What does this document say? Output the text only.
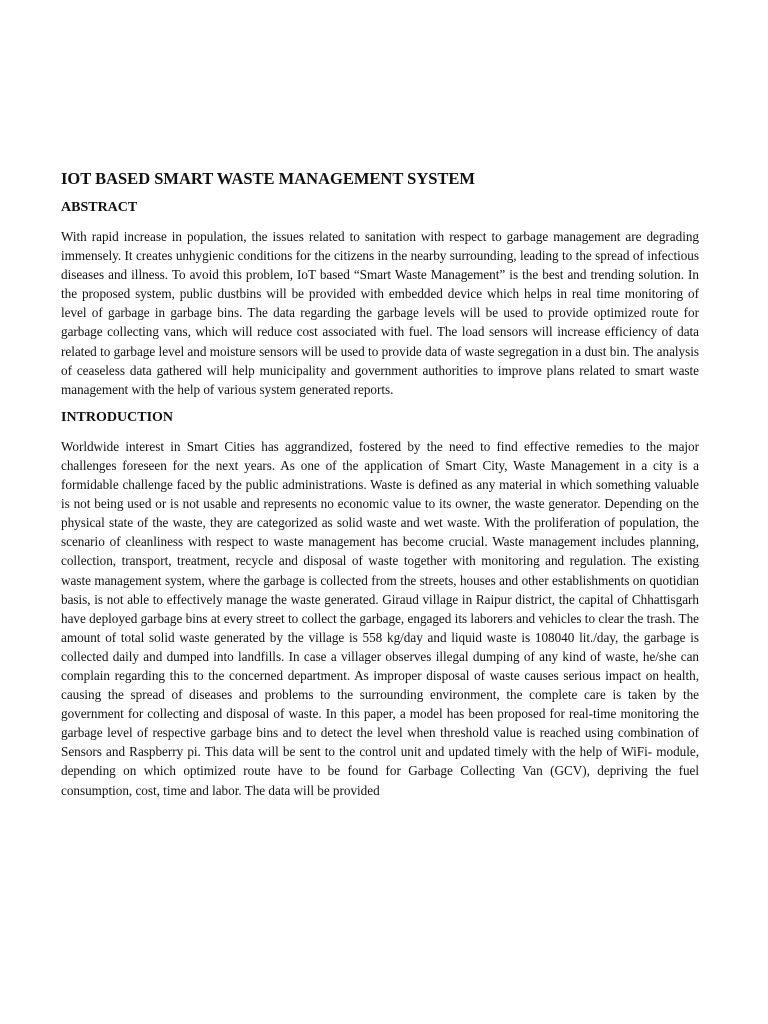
IOT BASED SMART WASTE MANAGEMENT SYSTEM
ABSTRACT

With rapid increase in population, the issues related to sanitation with respect to garbage management are degrading immensely. It creates unhygienic conditions for the citizens in the nearby surrounding, leading to the spread of infectious diseases and illness. To avoid this problem, IoT based “Smart Waste Management” is the best and trending solution. In the proposed system, public dustbins will be provided with embedded device which helps in real time monitoring of level of garbage in garbage bins. The data regarding the garbage levels will be used to provide optimized route for garbage collecting vans, which will reduce cost associated with fuel. The load sensors will increase efficiency of data related to garbage level and moisture sensors will be used to provide data of waste segregation in a dust bin. The analysis of ceaseless data gathered will help municipality and government authorities to improve plans related to smart waste management with the help of various system generated reports.

INTRODUCTION

Worldwide interest in Smart Cities has aggrandized, fostered by the need to find effective remedies to the major challenges foreseen for the next years. As one of the application of Smart City, Waste Management in a city is a formidable challenge faced by the public administrations. Waste is defined as any material in which something valuable is not being used or is not usable and represents no economic value to its owner, the waste generator. Depending on the physical state of the waste, they are categorized as solid waste and wet waste. With the proliferation of population, the scenario of cleanliness with respect to waste management has become crucial. Waste management includes planning, collection, transport, treatment, recycle and disposal of waste together with monitoring and regulation. The existing waste management system, where the garbage is collected from the streets, houses and other establishments on quotidian basis, is not able to effectively manage the waste generated. Giraud village in Raipur district, the capital of Chhattisgarh have deployed garbage bins at every street to collect the garbage, engaged its laborers and vehicles to clear the trash. The amount of total solid waste generated by the village is 558 kg/day and liquid waste is 108040 lit./day, the garbage is collected daily and dumped into landfills. In case a villager observes illegal dumping of any kind of waste, he/she can complain regarding this to the concerned department. As improper disposal of waste causes serious impact on health, causing the spread of diseases and problems to the surrounding environment, the complete care is taken by the government for collecting and disposal of waste. In this paper, a model has been proposed for real-time monitoring the garbage level of respective garbage bins and to detect the level when threshold value is reached using combination of Sensors and Raspberry pi. This data will be sent to the control unit and updated timely with the help of WiFi- module, depending on which optimized route have to be found for Garbage Collecting Van (GCV), depriving the fuel consumption, cost, time and labor. The data will be provided
